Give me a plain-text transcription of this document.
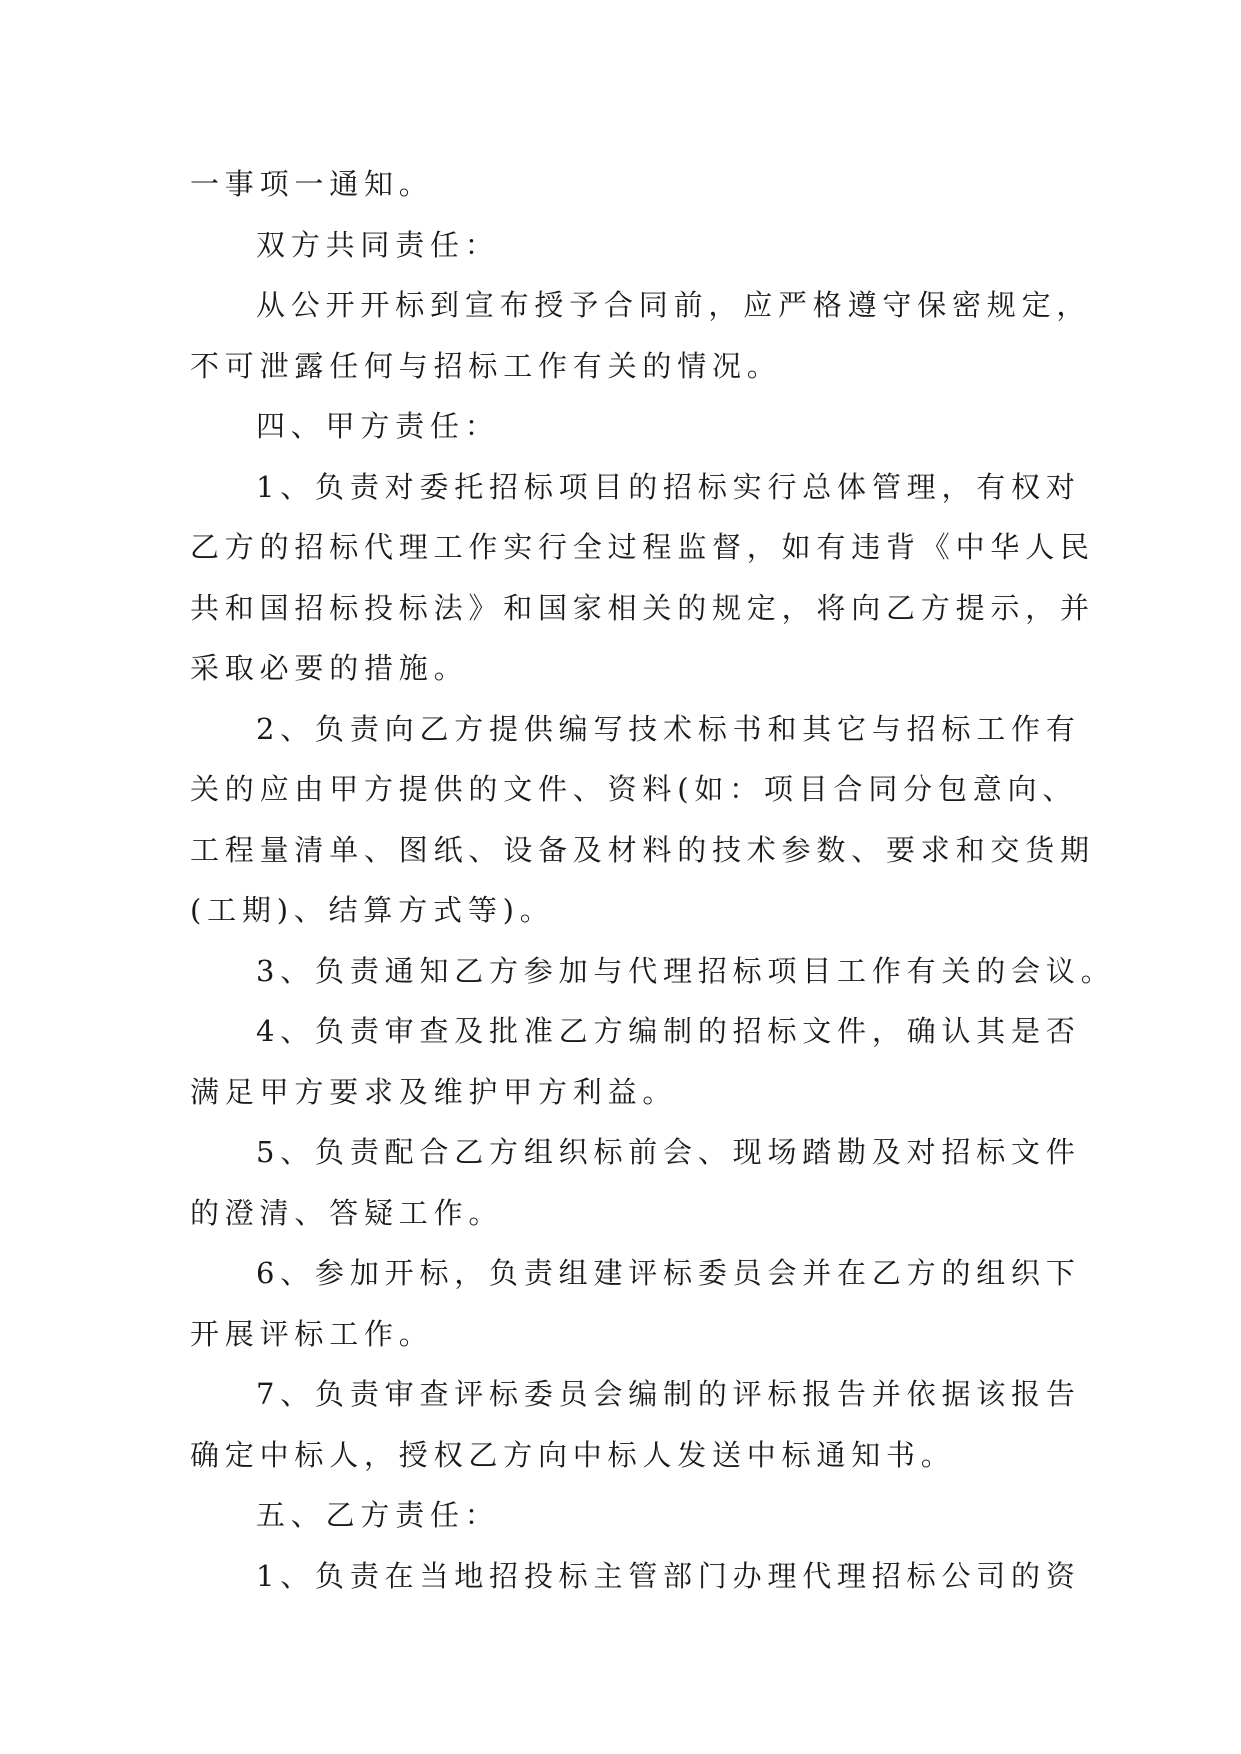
一事项一通知。
双方共同责任：
从公开开标到宣布授予合同前，应严格遵守保密规定，
不可泄露任何与招标工作有关的情况。
四、甲方责任：
1、负责对委托招标项目的招标实行总体管理，有权对
乙方的招标代理工作实行全过程监督，如有违背《中华人民
共和国招标投标法》和国家相关的规定，将向乙方提示，并
采取必要的措施。
2、负责向乙方提供编写技术标书和其它与招标工作有
关的应由甲方提供的文件、资料(如：项目合同分包意向、
工程量清单、图纸、设备及材料的技术参数、要求和交货期
(工期)、结算方式等)。
3、负责通知乙方参加与代理招标项目工作有关的会议。
4、负责审查及批准乙方编制的招标文件，确认其是否
满足甲方要求及维护甲方利益。
5、负责配合乙方组织标前会、现场踏勘及对招标文件
的澄清、答疑工作。
6、参加开标，负责组建评标委员会并在乙方的组织下
开展评标工作。
7、负责审查评标委员会编制的评标报告并依据该报告
确定中标人，授权乙方向中标人发送中标通知书。
五、乙方责任：
1、负责在当地招投标主管部门办理代理招标公司的资
